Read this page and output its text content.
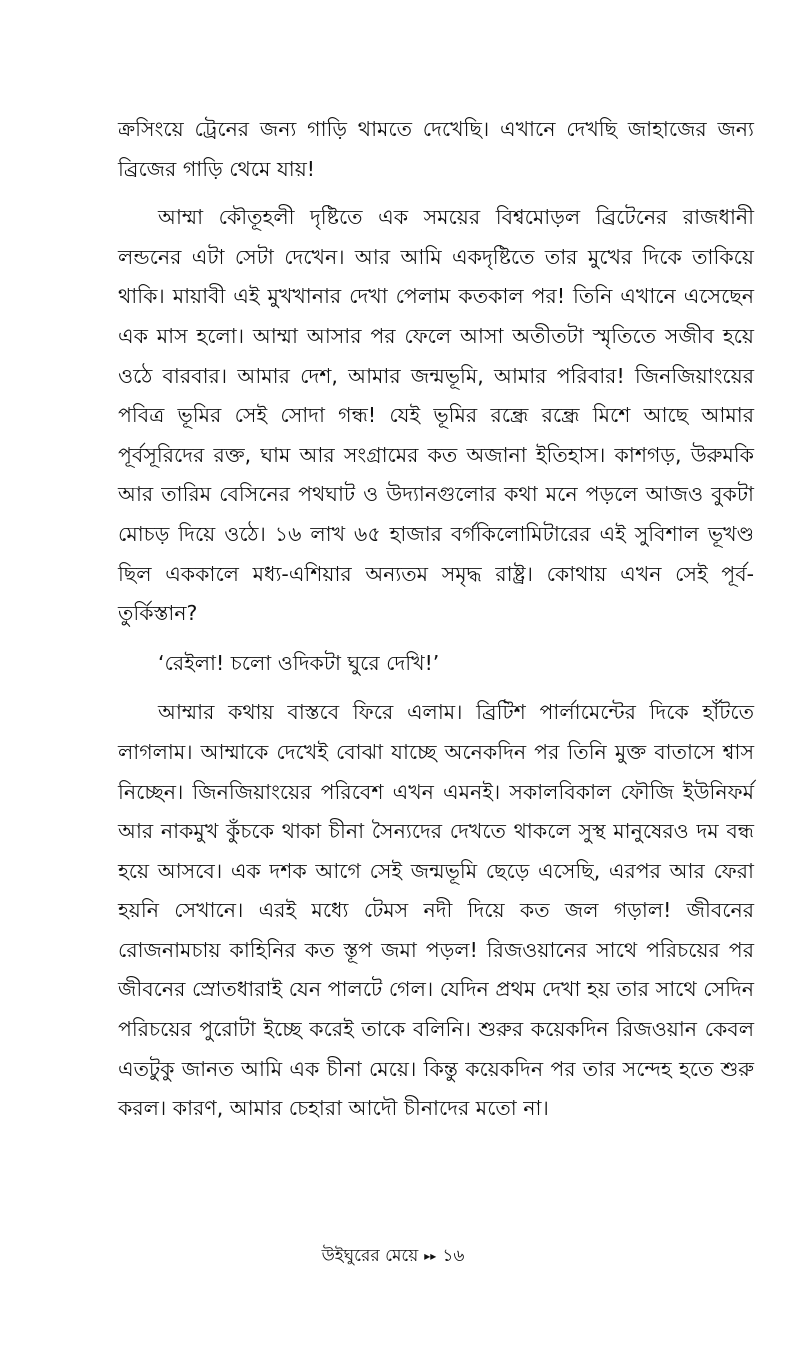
ক্রসিংয়ে ট্রেনের জন্য গাড়ি থামতে দেখেছি। এখানে দেখছি জাহাজের জন্য ব্রিজের গাড়ি থেমে যায়!

আম্মা কৌতূহলী দৃষ্টিতে এক সময়ের বিশ্বমোড়ল ব্রিটেনের রাজধানী লন্ডনের এটা সেটা দেখেন। আর আমি একদৃষ্টিতে তার মুখের দিকে তাকিয়ে থাকি। মায়াবী এই মুখখানার দেখা পেলাম কতকাল পর! তিনি এখানে এসেছেন এক মাস হলো। আম্মা আসার পর ফেলে আসা অতীতটা স্মৃতিতে সজীব হয়ে ওঠে বারবার। আমার দেশ, আমার জন্মভূমি, আমার পরিবার! জিনজিয়াংয়ের পবিত্র ভূমির সেই সোদা গন্ধ! যেই ভূমির রন্ধ্রে রন্ধ্রে মিশে আছে আমার পূর্বসূরিদের রক্ত, ঘাম আর সংগ্রামের কত অজানা ইতিহাস। কাশগড়, উরুমকি আর তারিম বেসিনের পথঘাট ও উদ্যানগুলোর কথা মনে পড়লে আজও বুকটা মোচড় দিয়ে ওঠে। ১৬ লাখ ৬৫ হাজার বর্গকিলোমিটারের এই সুবিশাল ভূখণ্ড ছিল এককালে মধ্য-এশিয়ার অন্যতম সমৃদ্ধ রাষ্ট্র। কোথায় এখন সেই পূর্ব-তুর্কিস্তান?

‘রেইলা! চলো ওদিকটা ঘুরে দেখি!’

আম্মার কথায় বাস্তবে ফিরে এলাম। ব্রিটিশ পার্লামেন্টের দিকে হাঁটতে লাগলাম। আম্মাকে দেখেই বোঝা যাচ্ছে অনেকদিন পর তিনি মুক্ত বাতাসে শ্বাস নিচ্ছেন। জিনজিয়াংয়ের পরিবেশ এখন এমনই। সকালবিকাল ফৌজি ইউনিফর্ম আর নাকমুখ কুঁচকে থাকা চীনা সৈন্যদের দেখতে থাকলে সুস্থ মানুষেরও দম বন্ধ হয়ে আসবে। এক দশক আগে সেই জন্মভূমি ছেড়ে এসেছি, এরপর আর ফেরা হয়নি সেখানে। এরই মধ্যে টেমস নদী দিয়ে কত জল গড়াল! জীবনের রোজনামচায় কাহিনির কত স্তূপ জমা পড়ল! রিজওয়ানের সাথে পরিচয়ের পর জীবনের স্রোতধারাই যেন পালটে গেল। যেদিন প্রথম দেখা হয় তার সাথে সেদিন পরিচয়ের পুরোটা ইচ্ছে করেই তাকে বলিনি। শুরুর কয়েকদিন রিজওয়ান কেবল এতটুকু জানত আমি এক চীনা মেয়ে। কিন্তু কয়েকদিন পর তার সন্দেহ হতে শুরু করল। কারণ, আমার চেহারা আদৌ চীনাদের মতো না।

উইঘুরের মেয়ে ▸▸ ১৬
